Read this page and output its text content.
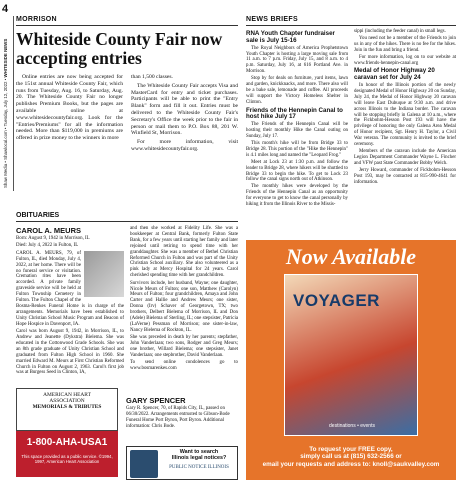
4
Shaw Media • Shawlocal.com • Tuesday, July 12, 2022 • WHITESIDE NEWS
MORRISON
Whiteside County Fair now accepting entries

Online entries are now being accepted for the 151st annual Whiteside County Fair, which runs from Tuesday, Aug. 16, to Saturday, Aug. 20. The Whiteside County Fair no longer publishes Premium Books, but the pages are available online at www.whitesidecountyfair.org. Look for the "Entries/Premiums" for all the information needed. More than $119,000 in premiums are offered in prize money to the winners in more

than 1,500 classes.

The Whiteside County Fair accepts Visa and MasterCard for entry and ticket purchases. Participants will be able to print the "Entry Blank" form and fill it out. Entries must be delivered to the Whiteside County Fair's Secretary's Office the week prior to the fair in person or mail them to P.O. Box 88, 201 W. Winfield St, Morrison.

For more information, visit www.whitesidecountyfair.org.

OBITUARIES
CAROL A. MEURS

Born: August 9, 1942 in Morrison, IL

Died: July 4, 2022 in Fulton, IL

CAROL A. MEURS, 79, of Fulton, IL, died Monday, July 4, 2022, at her home. There will be no funeral service or visitation. Cremation rites have been accorded. A private family graveside service will be held at Fulton Township Cemetery in Fulton. The Fulton Chapel of the Bosma-Renkes Funeral Home is in charge of the arrangements. Memorials have been established to Unity Christian School Music Program and Beacon of Hope Hospice in Davenport, IA.

Carol was born August 9, 1942, in Morrison, IL, to Andrew and Jeanette (Dykstra) Bielema. She was educated in the Cottonwood Grade Schools. She was an 8th grade graduate of Unity Christian School and graduated from Fulton High School in 1960. She married Edward M. Meurs at First Christian Reformed Church in Fulton on August 2, 1963. Carol's first job was at Burgess Seed in Clinton, IA,

and then she worked at Fidelity Life. She was a bookkeeper at Central Bank, formerly Fulton State Bank, for a few years until starting her family and later rejoined until retiring to spend time with her granddaughter. She was a member of Bethel Christian Reformed Church in Fulton and was part of the Unity Christian School auxiliary. She also volunteered as a pink lady at Mercy Hospital for 24 years. Carol cherished spending time with her grandchildren.

Survivors include, her husband, Wayne; one daughter, Nicole Meurs of Fulton; one son, Matthew (Carolyn) Meurs of Fulton; four grandchildren, Amaya and John Carter and Hallie and Andrew Meurs; one sister, Donna (Irv) Schaver of Georgetown, TX; two brothers, Delbert Bielema of Morrison, IL and Don (Adele) Bielema of Sterling, IL; one stepsister, Patricia (LaVerne) Pessman of Morrison; one sister-in-law, Nancy Bielema of Rockton, IL.

She was preceded in death by her parents; stepfather, John Vanderlaan; two sons, Rodger and Greg Meurs; one brother, Willard Bielema; one stepsister, Janet Vanderlaan; one stepbrother, David Vanderlaan.

To send online condolences go to www.bosmarenkes.com

AMERICAN HEART
ASSOCIATION
MEMORIALS & TRIBUTES
1-800-AHA-USA1
This space provided as a public service. ©1994, 1997, American Heart Association
GARY SPENCER

Gary R. Spencer, 70, of Rapids City, IL, passed on 06/30/2022. Arrangements entrusted to Gibson-Bode Funeral Home Port Byron, Port Byron. Additional information: Chris Bode.

Want to search
Illinois legal notices?
PUBLIC NOTICE ILLINOIS
NEWS BRIEFS
RNA Youth Chapter fundraiser sale is July 15-16

The Royal Neighbors of America Prophetstown Youth Chapter is hosting a large moving sale from 11 a.m. to 7 p.m. Friday, July 15, and 8 a.m. to 4 p.m. Saturday, July 16, at 616 Portland Ave. in Morrison.

Stop by for deals on furniture, yard items, lawn and garden, knickknacks, and more. There also will be a bake sale, lemonade and coffee. All proceeds will support the Victory Homeless Shelter in Clinton.

Friends of the Hennepin Canal to host hike July 17

The Friends of the Hennepin Canal will be hosting their monthly Hike the Canal outing on Sunday, July 17.

This month's hike will be from Bridge 33 to Bridge 28. This portion of the "Hike the Hennepin" is 4.1 miles long and named the "Leopard Frog."

Meet at Lock 23 at 1:30 p.m. and follow the leader to Bridge 28, where hikers will be shuttled to Bridge 33 to begin the hike. To get to Lock 23 follow the canal signs north out of Atkinson.

The monthly hikes were developed by the Friends of the Hennepin Canal as an opportunity for everyone to get to know the canal personally by hiking it from the Illinois River to the Missis-

sippi (including the feeder canal) in small legs.

You need not be a member of the Friends to join us in any of the hikes. There is no fee for the hikes. Join in the fun and bring a friend.

For more information, log on to our website at www.friends-hennepin-canal.org

Medal of Honor Highway 20 caravan set for July 24

In honor of the Illinois portion of the newly designated Medal of Honor Highway 20 on Sunday, July 24, the Medal of Honor Highway 20 caravan will leave East Dubuque at 9:30 a.m. and drive across Illinois to the Indiana border. The caravan will be stopping briefly in Galena at 10 a.m., where the Fickbohm-Hesson Post 193 will have the privilege of honoring the only Galena Area Medal of Honor recipient, Sgt. Henry H. Taylor, a Civil War veteran. The community is invited to the brief ceremony.

Members of the caravan include the American Legion Department Commander Wayne L. Fincher and VFW past State Commander Bobby Welch.

Jerry Howard, commander of Fickbohm-Hesson Post 193, may be contacted at 815-990-4641 for information.

Now Available
VOYAGER
destinations • events
To request your FREE copy,
simply call us at (815) 632-2566 or
email your requests and address to: knoll@saukvalley.com
